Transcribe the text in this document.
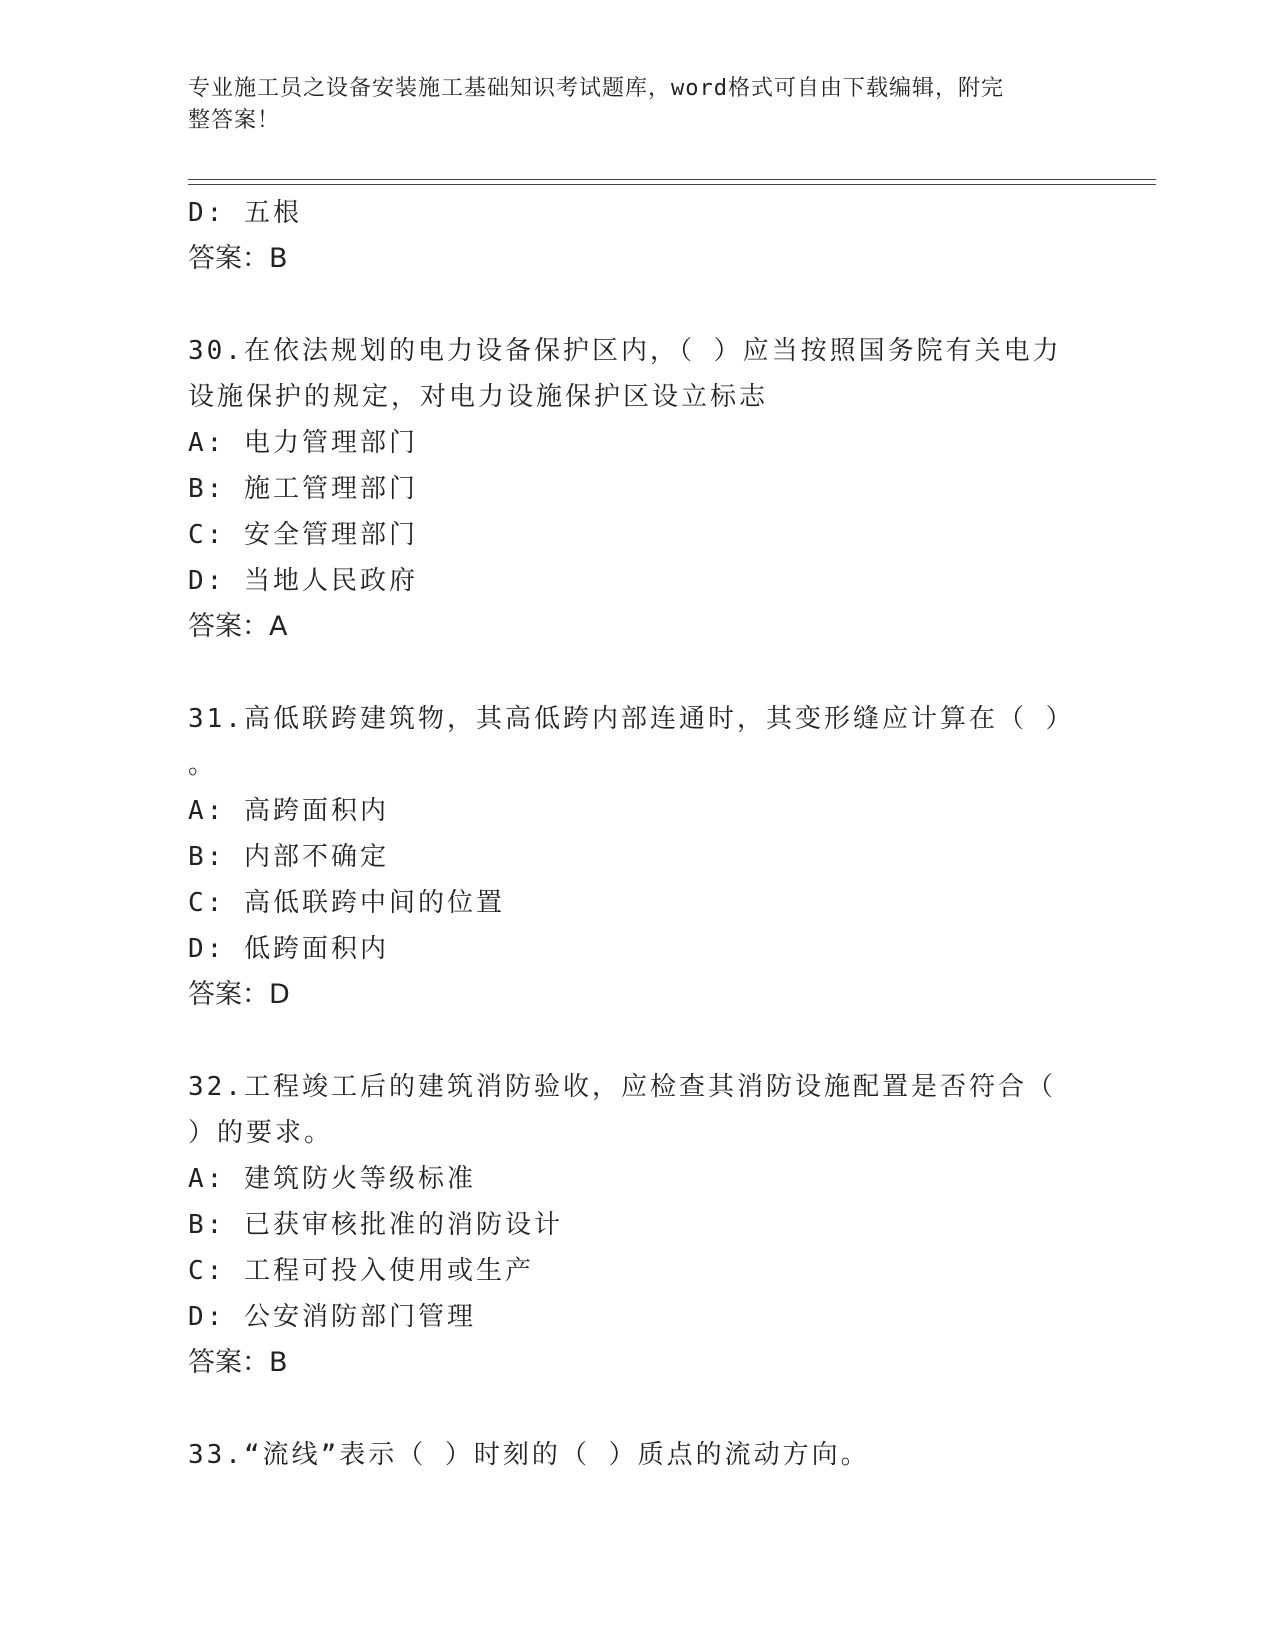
专业施工员之设备安装施工基础知识考试题库，word格式可自由下载编辑，附完
整答案！
D: 五根
答案：B
30.在依法规划的电力设备保护区内，（ ）应当按照国务院有关电力
设施保护的规定，对电力设施保护区设立标志
A: 电力管理部门
B: 施工管理部门
C: 安全管理部门
D: 当地人民政府
答案：A
31.高低联跨建筑物，其高低跨内部连通时，其变形缝应计算在（ ）
。
A: 高跨面积内
B: 内部不确定
C: 高低联跨中间的位置
D: 低跨面积内
答案：D
32.工程竣工后的建筑消防验收，应检查其消防设施配置是否符合（
）的要求。
A: 建筑防火等级标准
B: 已获审核批准的消防设计
C: 工程可投入使用或生产
D: 公安消防部门管理
答案：B
33.“流线”表示（ ）时刻的（ ）质点的流动方向。
